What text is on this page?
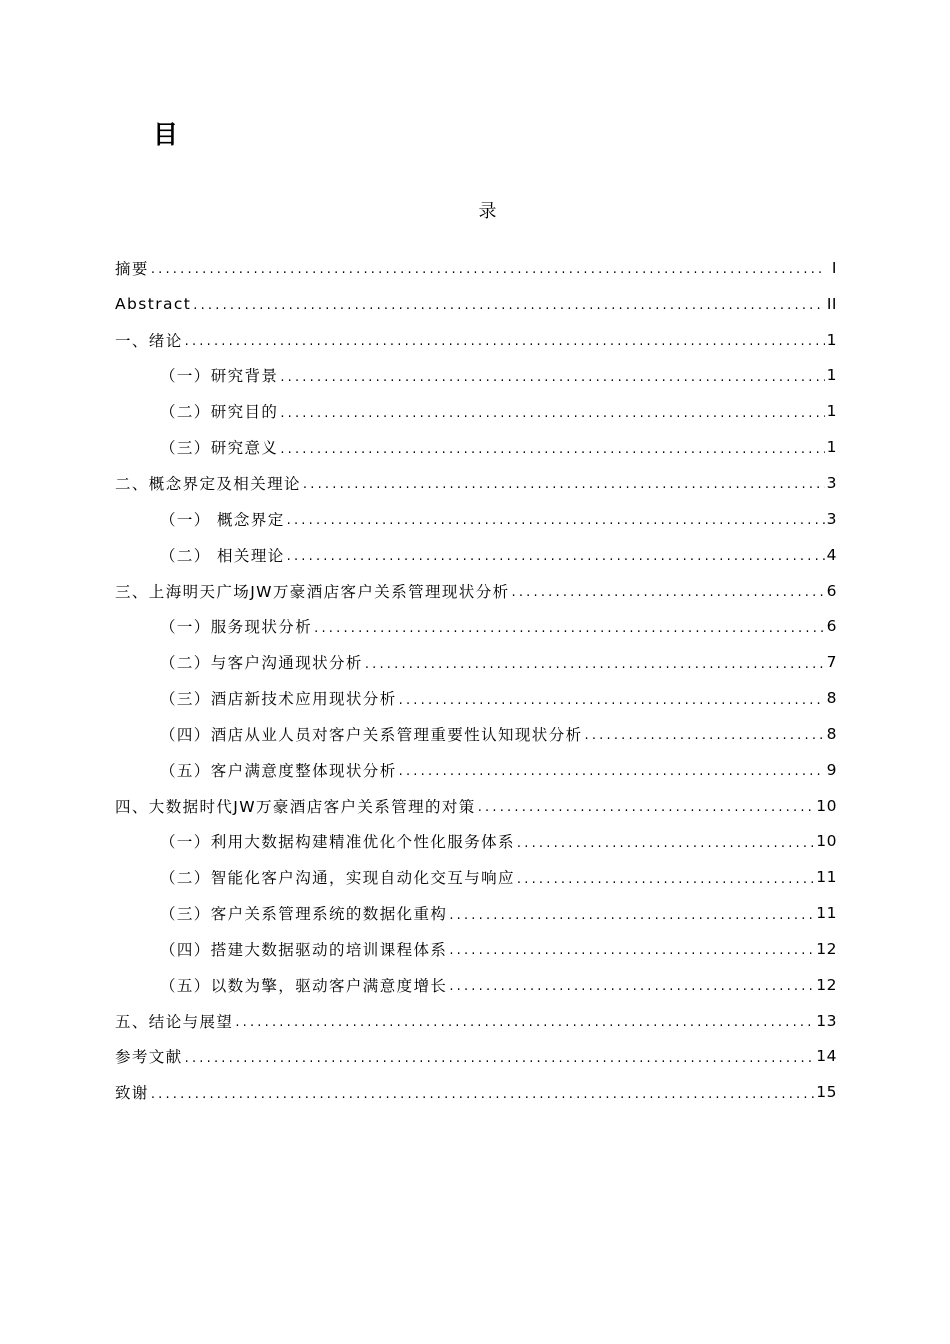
目
录
摘要 .....	I
Abstract .....	II
一、绪论 .....	1
（一）研究背景 .....	1
（二）研究目的 .....	1
（三）研究意义 .....	1
二、概念界定及相关理论 .....	3
（一） 概念界定 .....	3
（二） 相关理论 .....	4
三、上海明天广场JW万豪酒店客户关系管理现状分析 .....	6
（一）服务现状分析 .....	6
（二）与客户沟通现状分析 .....	7
（三）酒店新技术应用现状分析 .....	8
（四）酒店从业人员对客户关系管理重要性认知现状分析 .....	8
（五）客户满意度整体现状分析 .....	9
四、大数据时代JW万豪酒店客户关系管理的对策 .....	10
（一）利用大数据构建精准优化个性化服务体系 .....	10
（二）智能化客户沟通，实现自动化交互与响应 .....	11
（三）客户关系管理系统的数据化重构 .....	11
（四）搭建大数据驱动的培训课程体系 .....	12
（五）以数为擎，驱动客户满意度增长 .....	12
五、结论与展望 .....	13
参考文献 .....	14
致谢 .....	15
